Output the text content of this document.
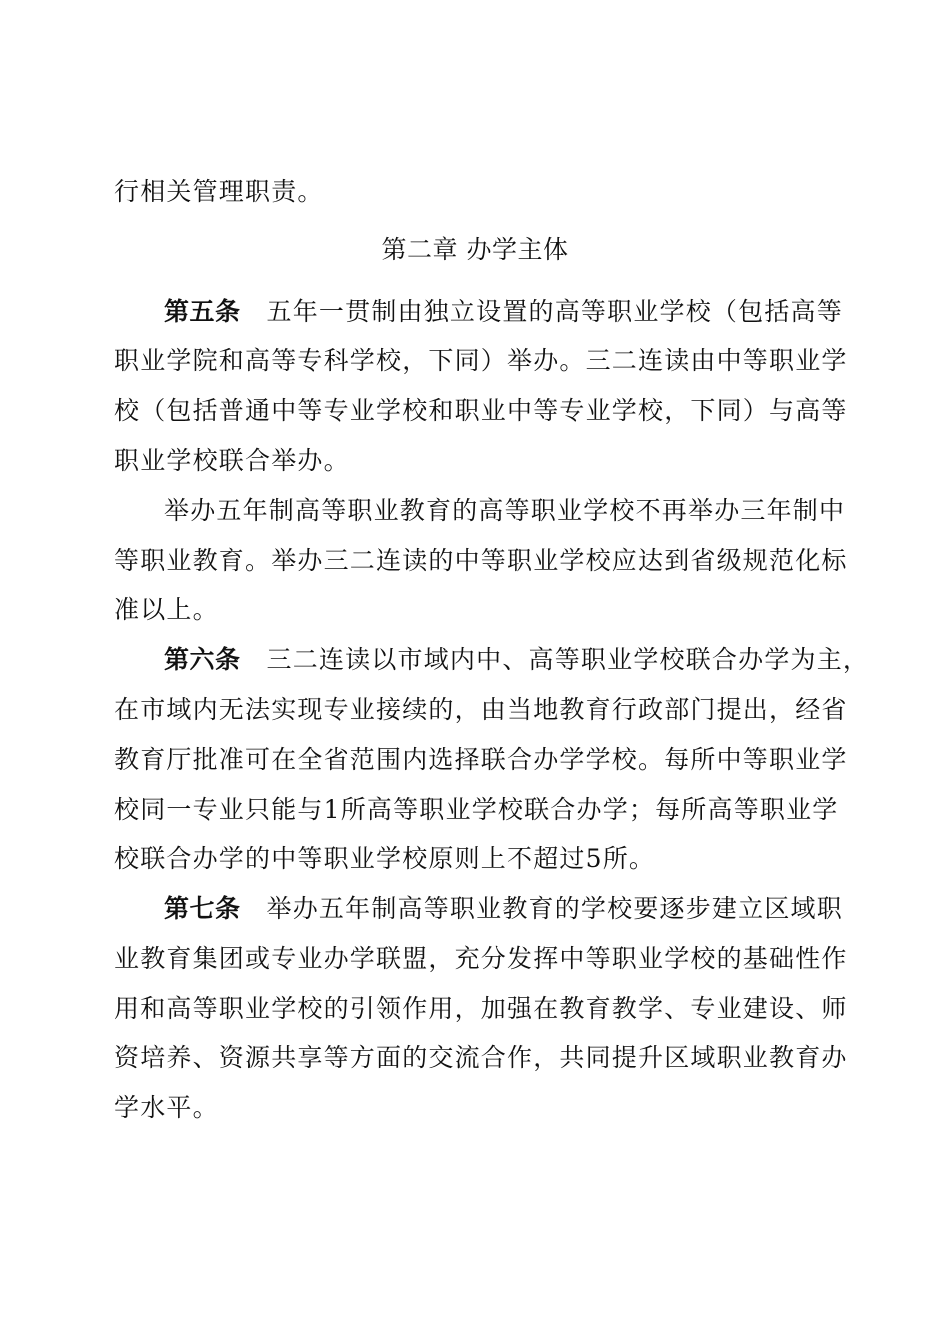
行相关管理职责。
第二章 办学主体
第五条 五年一贯制由独立设置的高等职业学校（包括高等
职业学院和高等专科学校，下同）举办。三二连读由中等职业学
校（包括普通中等专业学校和职业中等专业学校，下同）与高等
职业学校联合举办。
举办五年制高等职业教育的高等职业学校不再举办三年制中
等职业教育。举办三二连读的中等职业学校应达到省级规范化标
准以上。
第六条 三二连读以市域内中、高等职业学校联合办学为主，
在市域内无法实现专业接续的，由当地教育行政部门提出，经省
教育厅批准可在全省范围内选择联合办学学校。每所中等职业学
校同一专业只能与1所高等职业学校联合办学；每所高等职业学
校联合办学的中等职业学校原则上不超过5所。
第七条 举办五年制高等职业教育的学校要逐步建立区域职
业教育集团或专业办学联盟，充分发挥中等职业学校的基础性作
用和高等职业学校的引领作用，加强在教育教学、专业建设、师
资培养、资源共享等方面的交流合作，共同提升区域职业教育办
学水平。
